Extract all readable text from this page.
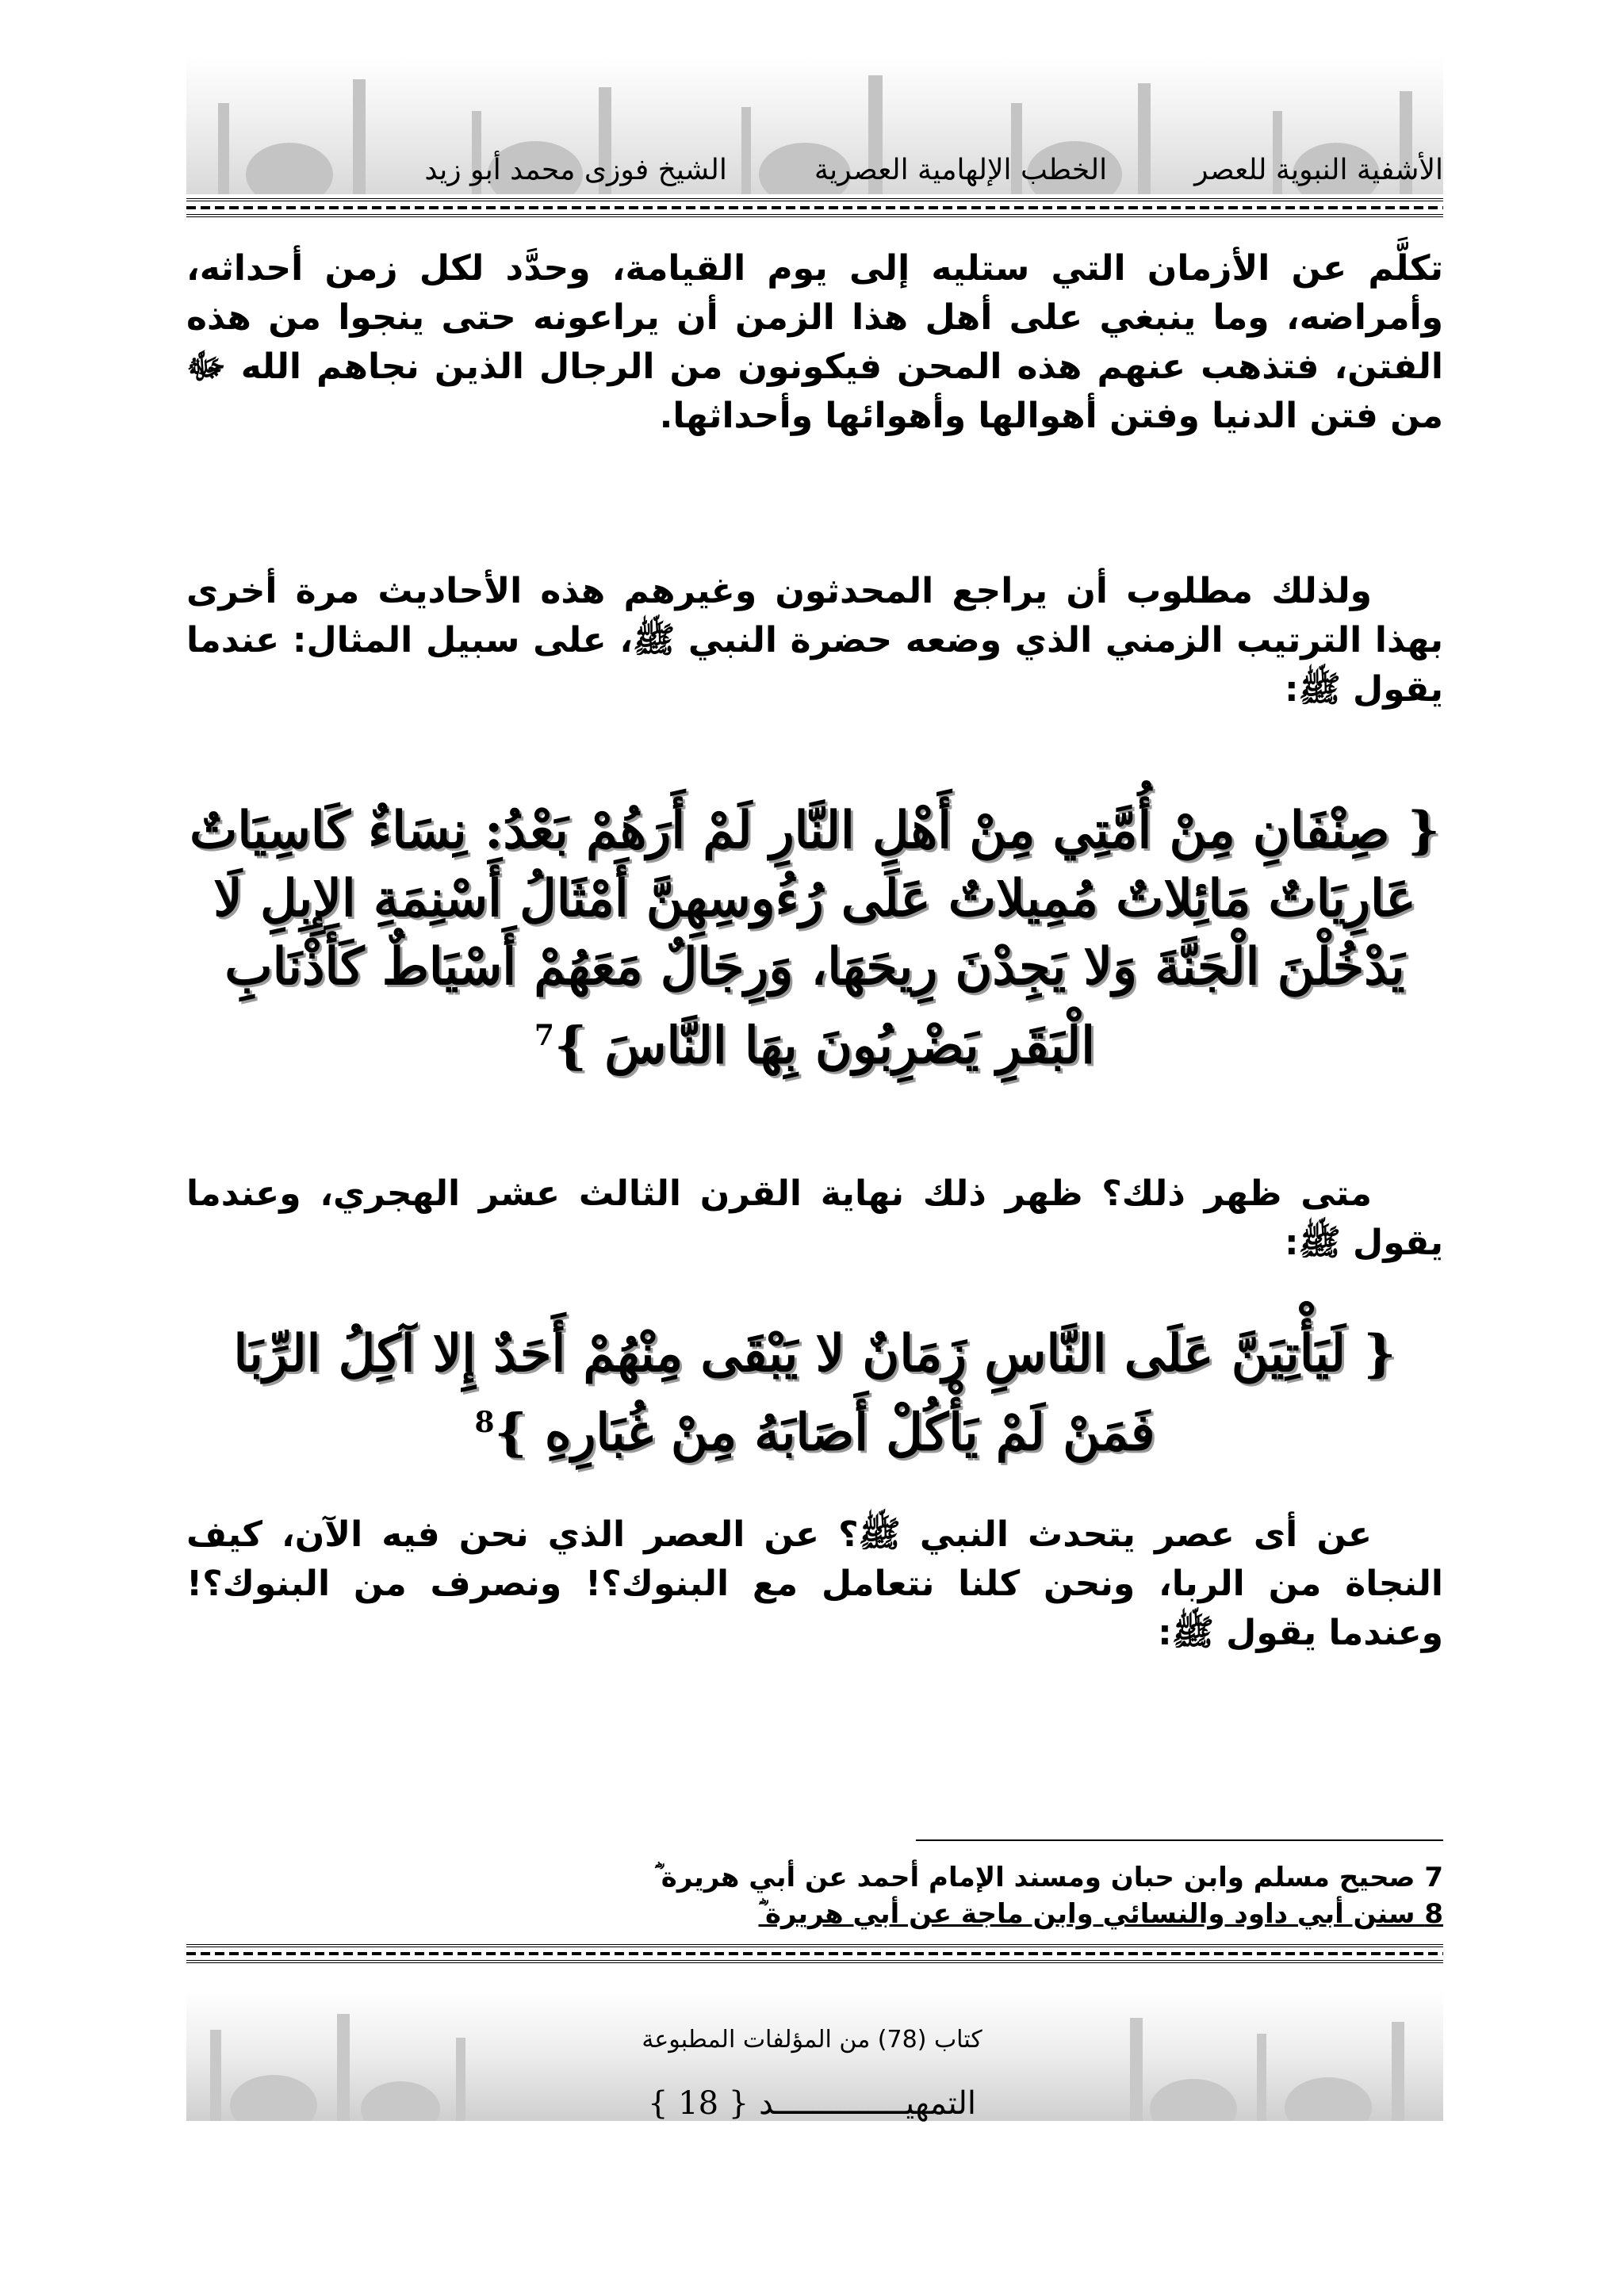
الأشفية النبوية للعصر
الخطب الإلهامية العصرية
الشيخ فوزى محمد أبو زيد

تكلَّم عن الأزمان التي ستليه إلى يوم القيامة، وحدَّد لكل زمن أحداثه، وأمراضه، وما ينبغي على أهل هذا الزمن أن يراعونه حتى ينجوا من هذه الفتن، فتذهب عنهم هذه المحن فيكونون من الرجال الذين نجاهم الله ﷻ من فتن الدنيا وفتن أهوالها وأهوائها وأحداثها.

ولذلك مطلوب أن يراجع المحدثون وغيرهم هذه الأحاديث مرة أخرى بهذا الترتيب الزمني الذي وضعه حضرة النبي ﷺ، على سبيل المثال: عندما يقول ﷺ:

{ صِنْفَانِ مِنْ أُمَّتِي مِنْ أَهْلِ النَّارِ لَمْ أَرَهُمْ بَعْدُ: نِسَاءٌ كَاسِيَاتٌ عَارِيَاتٌ مَائِلاتٌ مُمِيلاتٌ عَلَى رُءُوسِهِنَّ أَمْثَالُ أَسْنِمَةِ الإِبِلِ لَا يَدْخُلْنَ الْجَنَّةَ وَلا يَجِدْنَ رِيحَهَا، وَرِجَالٌ مَعَهُمْ أَسْيَاطٌ كَأَذْنَابِ الْبَقَرِ يَضْرِبُونَ بِهَا النَّاسَ }$^7$

متى ظهر ذلك؟ ظهر ذلك نهاية القرن الثالث عشر الهجري، وعندما يقول ﷺ:

{ لَيَأْتِيَنَّ عَلَى النَّاسِ زَمَانٌ لا يَبْقَى مِنْهُمْ أَحَدٌ إِلا آكِلُ الرِّبَا فَمَنْ لَمْ يَأْكُلْ أَصَابَهُ مِنْ غُبَارِهِ }$^8$

عن أى عصر يتحدث النبي ﷺ؟ عن العصر الذي نحن فيه الآن، كيف النجاة من الربا، ونحن كلنا نتعامل مع البنوك؟! ونصرف من البنوك؟! وعندما يقول ﷺ:

7 صحيح مسلم وابن حبان ومسند الإمام أحمد عن أبي هريرة ؓ
8 سنن أبي داود والنسائي وابن ماجة عن أبي هريرة ؓ
كتاب (78) من المؤلفات المطبوعة
التمهيــــــــــــــد { 18 }
